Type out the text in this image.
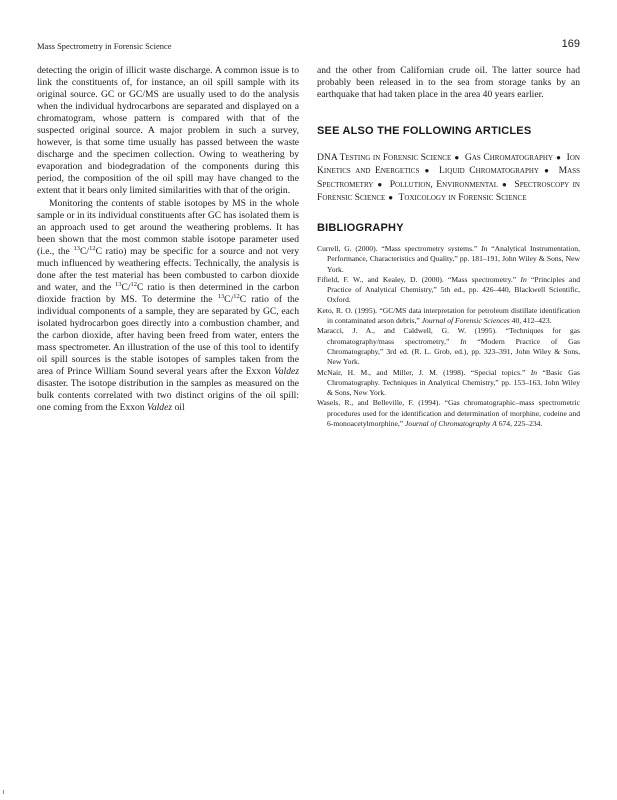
Mass Spectrometry in Forensic Science	169

detecting the origin of illicit waste discharge. A common issue is to link the constituents of, for instance, an oil spill sample with its original source. GC or GC/MS are usually used to do the analysis when the individual hydrocarbons are separated and displayed on a chromatogram, whose pattern is compared with that of the suspected original source. A major problem in such a survey, however, is that some time usually has passed between the waste discharge and the specimen collection. Owing to weathering by evaporation and biodegradation of the components during this period, the composition of the oil spill may have changed to the extent that it bears only limited similarities with that of the origin.

Monitoring the contents of stable isotopes by MS in the whole sample or in its individual constituents after GC has isolated them is an approach used to get around the weathering problems. It has been shown that the most common stable isotope parameter used (i.e., the $^{13}$C/$^{12}$C ratio) may be specific for a source and not very much influenced by weathering effects. Technically, the analysis is done after the test material has been combusted to carbon dioxide and water, and the $^{13}$C/$^{12}$C ratio is then determined in the carbon dioxide fraction by MS. To determine the $^{13}$C/$^{12}$C ratio of the individual components of a sample, they are separated by GC, each isolated hydrocarbon goes directly into a combustion chamber, and the carbon dioxide, after having been freed from water, enters the mass spectrometer. An illustration of the use of this tool to identify oil spill sources is the stable isotopes of samples taken from the area of Prince William Sound several years after the Exxon Valdez disaster. The isotope distribution in the samples as measured on the bulk contents correlated with two distinct origins of the oil spill: one coming from the Exxon Valdez oil

and the other from Californian crude oil. The latter source had probably been released in to the sea from storage tanks by an earthquake that had taken place in the area 40 years earlier.

SEE ALSO THE FOLLOWING ARTICLES
DNA Testing in Forensic Science ● Gas Chromatography ● Ion Kinetics and Energetics ● Liquid Chromatography ● Mass Spectrometry ● Pollution, Environmental ● Spectroscopy in Forensic Science ● Toxicology in Forensic Science
BIBLIOGRAPHY

Currell, G. (2000). “Mass spectrometry systems.” In “Analytical Instrumentation, Performance, Characteristics and Quality,” pp. 181–191, John Wiley & Sons, New York.

Fifield, F. W., and Kealey, D. (2000). “Mass spectrometry.” In “Principles and Practice of Analytical Chemistry,” 5th ed., pp. 426–440, Blackwell Scientific, Oxford.

Keto, R. O. (1995). “GC/MS data interpretation for petroleum distillate identification in contaminated arson debris,” Journal of Forensic Sciences 40, 412–423.

Maracci, J. A., and Caldwell, G. W. (1995). “Techniques for gas chromatography/mass spectrometry,” In “Modern Practice of Gas Chromatography,” 3rd ed. (R. L. Grob, ed.), pp. 323–391, John Wiley & Sons, New York.

McNair, H. M., and Miller, J. M. (1998). “Special topics.” In “Basic Gas Chromatography. Techniques in Analytical Chemistry,” pp. 153–163, John Wiley & Sons, New York.

Wasels, R., and Belleville, F. (1994). “Gas chromatographic–mass spectrometric procedures used for the identification and determination of morphine, codeine and 6-monoacetylmorphine,” Journal of Chromatography A 674, 225–234.
